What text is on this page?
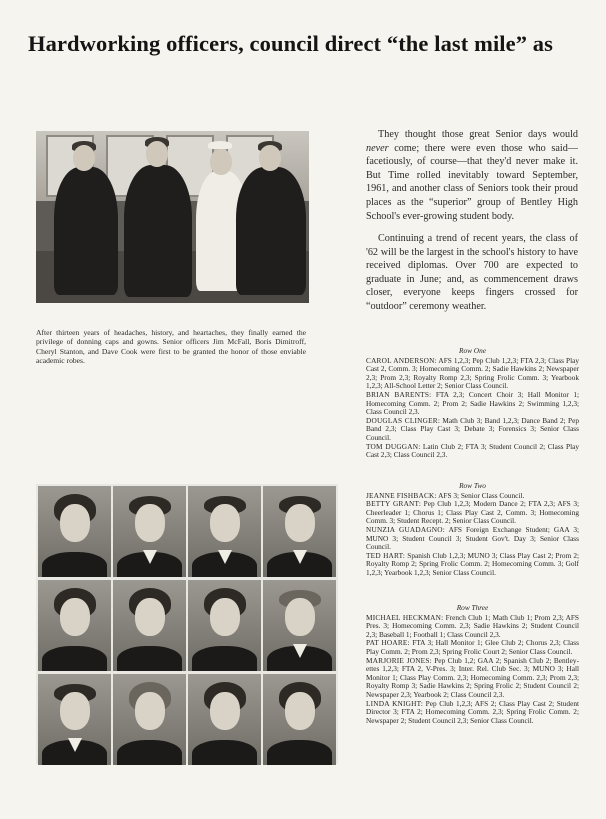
Hardworking officers, council direct “the last mile” as
After thirteen years of headaches, history, and heartaches, they finally earned the privilege of donning caps and gowns. Senior officers Jim McFall, Boris Dimitroff, Cheryl Stanton, and Dave Cook were first to be granted the honor of those enviable academic robes.
They thought those great Senior days would never come; there were even those who said—facetiously, of course—that they'd never make it. But Time rolled inevitably toward September, 1961, and another class of Seniors took their proud places as the “superior” group of Bentley High School's ever-growing student body.
Continuing a trend of recent years, the class of '62 will be the largest in the school's history to have received diplomas. Over 700 are expected to graduate in June; and, as commencement draws closer, everyone keeps fingers crossed for “outdoor” ceremony weather.
Row One

CAROL ANDERSON: AFS 1,2,3; Pep Club 1,2,3; FTA 2,3; Class Play Cast 2, Comm. 3; Homecoming Comm. 2; Sadie Hawkins 2; Newspaper 2,3; Prom 2,3; Royalty Romp 2,3; Spring Frolic Comm. 3; Yearbook 1,2,3; All-School Letter 2; Senior Class Council.

BRIAN BARENTS: FTA 2,3; Concert Choir 3; Hall Monitor 1; Homecoming Comm. 2; Prom 2; Sadie Hawkins 2; Swimming 1,2,3; Class Council 2,3.

DOUGLAS CLINGER: Math Club 3; Band 1,2,3; Dance Band 2; Pep Band 2,3; Class Play Cast 3; Debate 3; Forensics 3; Senior Class Council.

TOM DUGGAN: Latin Club 2; FTA 3; Student Council 2; Class Play Cast 2,3; Class Council 2,3.

Row Two

JEANNE FISHBACK: AFS 3; Senior Class Council.

BETTY GRANT: Pep Club 1,2,3; Modern Dance 2; FTA 2,3; AFS 3; Cheerleader 1; Chorus 1; Class Play Cast 2, Comm. 3; Homecoming Comm. 3; Student Recept. 2; Senior Class Council.

NUNZIA GUADAGNO: AFS Foreign Exchange Student; GAA 3; MUNO 3; Student Council 3; Student Gov't. Day 3; Senior Class Council.

TED HART: Spanish Club 1,2,3; MUNO 3; Class Play Cast 2; Prom 2; Royalty Romp 2; Spring Frolic Comm. 2; Homecoming Comm. 3; Golf 1,2,3; Yearbook 1,2,3; Senior Class Council.

Row Three

MICHAEL HECKMAN: French Club 1; Math Club 1; Prom 2,3; AFS Pres. 3; Homecoming Comm. 2,3; Sadie Hawkins 2; Student Council 2,3; Baseball 1; Football 1; Class Council 2,3.

PAT HOARE: FTA 3; Hall Monitor 1; Glee Club 2; Chorus 2,3; Class Play Comm. 2; Prom 2,3; Spring Frolic Court 2; Senior Class Council.

MARJORIE JONES: Pep Club 1,2; GAA 2; Spanish Club 2; Bentley-ettes 1,2,3; FTA 2, V-Pres. 3; Inter. Rel. Club Sec. 3; MUNO 3; Hall Monitor 1; Class Play Comm. 2,3; Homecoming Comm. 2,3; Prom 2,3; Royalty Romp 3; Sadie Hawkins 2; Spring Frolic 2; Student Council 2; Newspaper 2,3; Yearbook 2; Class Council 2,3.

LINDA KNIGHT: Pep Club 1,2,3; AFS 2; Class Play Cast 2; Student Director 3; FTA 2; Homecoming Comm. 2,3; Spring Frolic Comm. 2; Newspaper 2; Student Council 2,3; Senior Class Council.
